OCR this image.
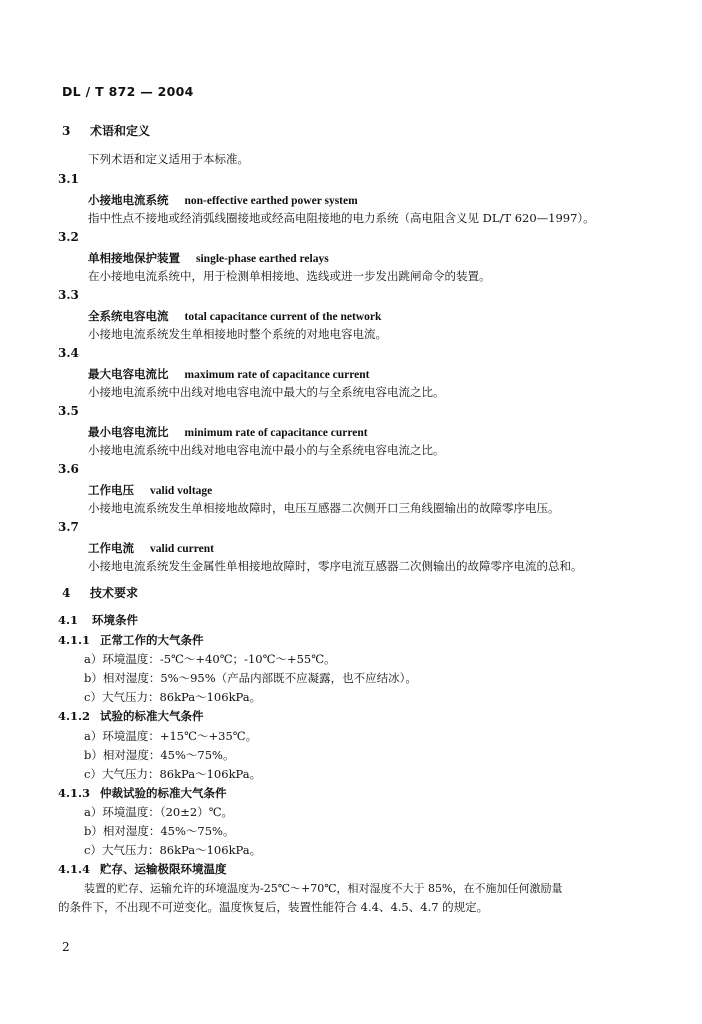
DL / T 872 — 2004
3 术语和定义
下列术语和定义适用于本标准。
3.1
小接地电流系统 non-effective earthed power system
指中性点不接地或经消弧线圈接地或经高电阻接地的电力系统（高电阻含义见 DL/T 620—1997）。
3.2
单相接地保护装置 single-phase earthed relays
在小接地电流系统中，用于检测单相接地、选线或进一步发出跳闸命令的装置。
3.3
全系统电容电流 total capacitance current of the network
小接地电流系统发生单相接地时整个系统的对地电容电流。
3.4
最大电容电流比 maximum rate of capacitance current
小接地电流系统中出线对地电容电流中最大的与全系统电容电流之比。
3.5
最小电容电流比 minimum rate of capacitance current
小接地电流系统中出线对地电容电流中最小的与全系统电容电流之比。
3.6
工作电压 valid voltage
小接地电流系统发生单相接地故障时，电压互感器二次侧开口三角线圈输出的故障零序电压。
3.7
工作电流 valid current
小接地电流系统发生金属性单相接地故障时，零序电流互感器二次侧输出的故障零序电流的总和。
4 技术要求
4.1 环境条件
4.1.1 正常工作的大气条件
a）环境温度：-5℃～+40℃；-10℃～+55℃。
b）相对湿度：5%～95%（产品内部既不应凝露，也不应结冰）。
c）大气压力：86kPa～106kPa。
4.1.2 试验的标准大气条件
a）环境温度：+15℃～+35℃。
b）相对湿度：45%～75%。
c）大气压力：86kPa～106kPa。
4.1.3 仲裁试验的标准大气条件
a）环境温度：（20±2）℃。
b）相对湿度：45%～75%。
c）大气压力：86kPa～106kPa。
4.1.4 贮存、运输极限环境温度
装置的贮存、运输允许的环境温度为-25℃～+70℃，相对湿度不大于 85%，在不施加任何激励量
的条件下，不出现不可逆变化。温度恢复后，装置性能符合 4.4、4.5、4.7 的规定。
2
